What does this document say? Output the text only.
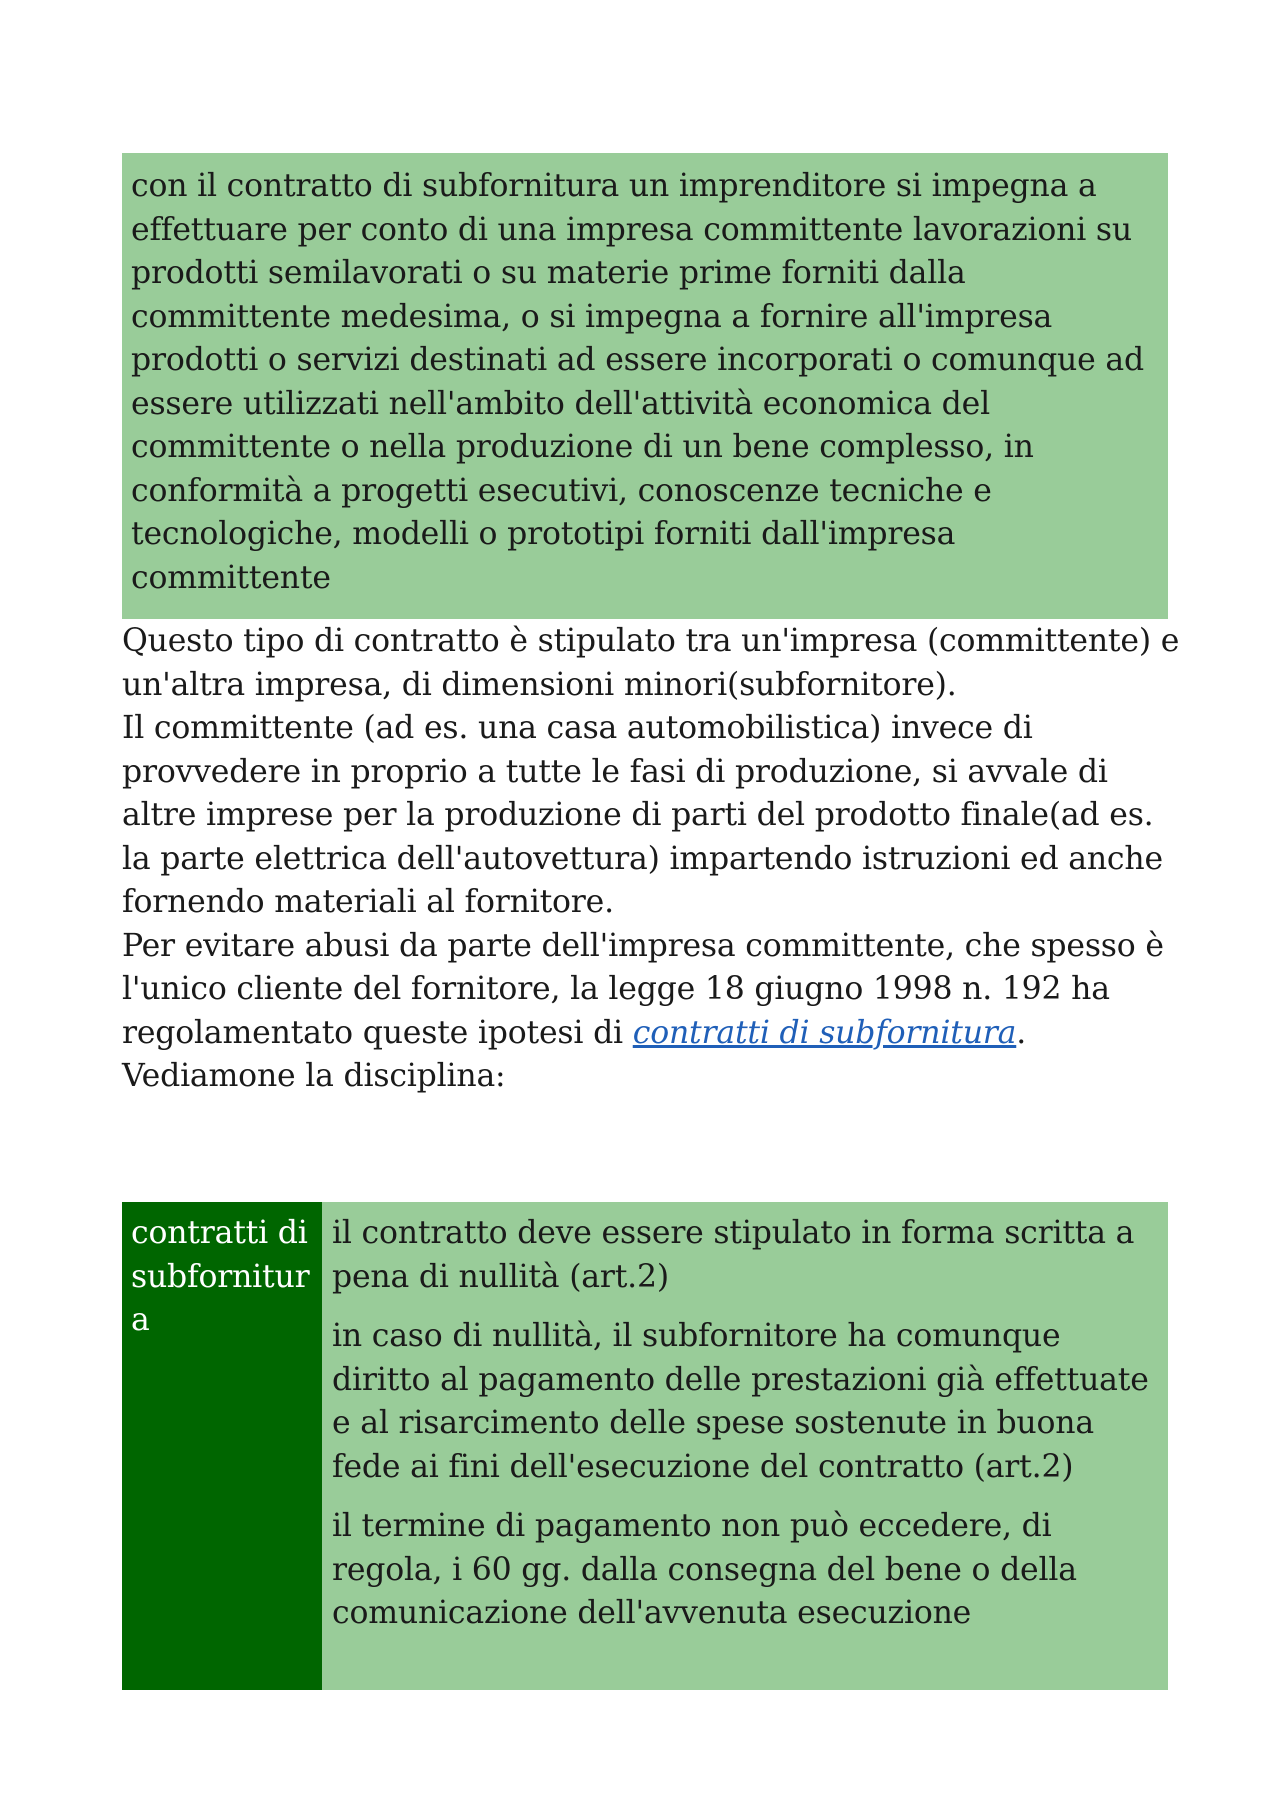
con il contratto di subfornitura un imprenditore si impegna a effettuare per conto di una impresa committente lavorazioni su prodotti semilavorati o su materie prime forniti dalla committente medesima, o si impegna a fornire all'impresa prodotti o servizi destinati ad essere incorporati o comunque ad essere utilizzati nell'ambito dell'attività economica del committente o nella produzione di un bene complesso, in conformità a progetti esecutivi, conoscenze tecniche e tecnologiche, modelli o prototipi forniti dall'impresa committente

Questo tipo di contratto è stipulato tra un'impresa (committente) e un'altra impresa, di dimensioni minori(subfornitore).

Il committente (ad es. una casa automobilistica) invece di provvedere in proprio a tutte le fasi di produzione, si avvale di altre imprese per la produzione di parti del prodotto finale(ad es. la parte elettrica dell'autovettura) impartendo istruzioni ed anche fornendo materiali al fornitore.

Per evitare abusi da parte dell'impresa committente, che spesso è l'unico cliente del fornitore, la legge 18 giugno 1998 n. 192 ha regolamentato queste ipotesi di contratti di subfornitura. Vediamone la disciplina:

contratti di subfornitura

il contratto deve essere stipulato in forma scritta a pena di nullità (art.2)

in caso di nullità, il subfornitore ha comunque diritto al pagamento delle prestazioni già effettuate e al risarcimento delle spese sostenute in buona fede ai fini dell'esecuzione del contratto (art.2)

il termine di pagamento non può eccedere, di regola, i 60 gg. dalla consegna del bene o della comunicazione dell'avvenuta esecuzione
